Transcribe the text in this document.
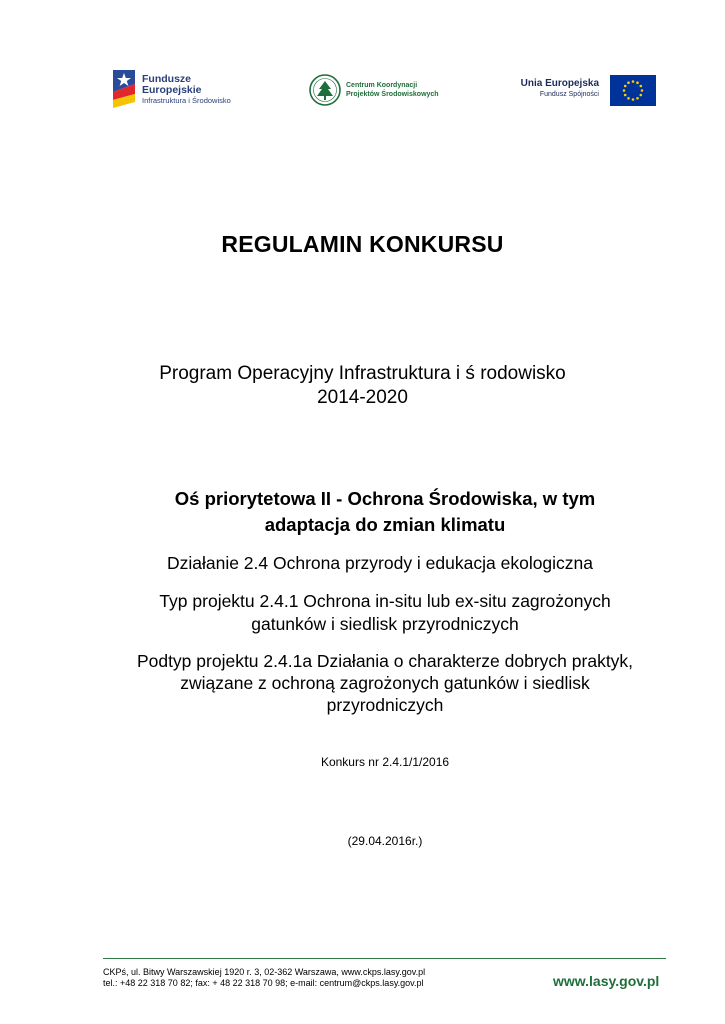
Fundusze
Europejskie
Infrastruktura i Środowisko
Centrum Koordynacji
Projektów Środowiskowych
Unia Europejska
Fundusz Spójności
REGULAMIN KONKURSU
Program Operacyjny Infrastruktura i ś rodowisko
2014-2020
Oś priorytetowa II - Ochrona Środowiska, w tym
adaptacja do zmian klimatu
Działanie 2.4 Ochrona przyrody i edukacja ekologiczna
Typ projektu 2.4.1 Ochrona in-situ lub ex-situ zagrożonych
gatunków i siedlisk przyrodniczych
Podtyp projektu 2.4.1a Działania o charakterze dobrych praktyk,
związane z ochroną zagrożonych gatunków i siedlisk
przyrodniczych
Konkurs nr 2.4.1/1/2016
(29.04.2016r.)
CKPś, ul. Bitwy Warszawskiej 1920 r. 3, 02-362 Warszawa, www.ckps.lasy.gov.pl
tel.: +48 22 318 70 82; fax: + 48 22 318 70 98; e-mail: centrum@ckps.lasy.gov.pl	www.lasy.gov.pl
